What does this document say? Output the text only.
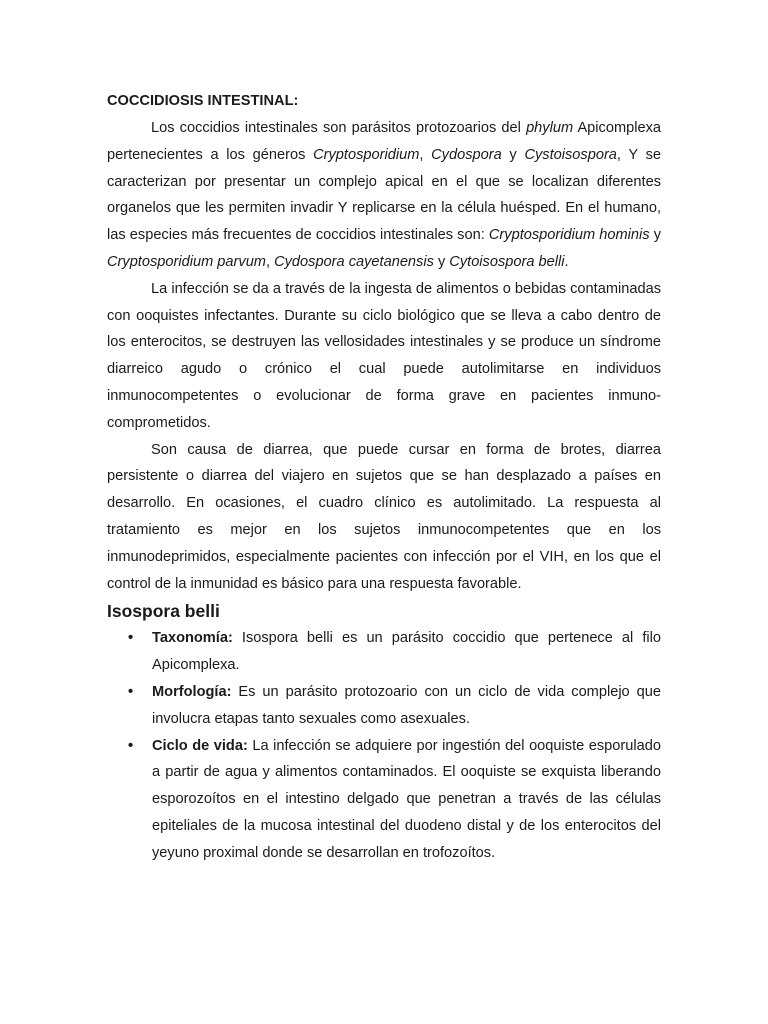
COCCIDIOSIS INTESTINAL:

Los coccidios intestinales son parásitos protozoarios del phylum Apicomplexa pertenecientes a los géneros Cryptosporidium, Cydospora y Cystoisospora, Y se caracterizan por presentar un complejo apical en el que se localizan diferentes organelos que les permiten invadir Y replicarse en la célula huésped. En el humano, las especies más frecuentes de coccidios intestinales son: Cryptosporidium hominis y Cryptosporidium parvum, Cydospora cayetanensis y Cytoisospora belli.

La infección se da a través de la ingesta de alimentos o bebidas contaminadas con ooquistes infectantes. Durante su ciclo biológico que se lleva a cabo dentro de los enterocitos, se destruyen las vellosidades intestinales y se produce un síndrome diarreico agudo o crónico el cual puede autolimitarse en individuos inmunocompetentes o evolucionar de forma grave en pacientes inmuno-comprometidos.

Son causa de diarrea, que puede cursar en forma de brotes, diarrea persistente o diarrea del viajero en sujetos que se han desplazado a países en desarrollo. En ocasiones, el cuadro clínico es autolimitado. La respuesta al tratamiento es mejor en los sujetos inmunocompetentes que en los inmunodeprimidos, especialmente pacientes con infección por el VIH, en los que el control de la inmunidad es básico para una respuesta favorable.

Isospora belli
• Taxonomía: Isospora belli es un parásito coccidio que pertenece al filo Apicomplexa.
• Morfología: Es un parásito protozoario con un ciclo de vida complejo que involucra etapas tanto sexuales como asexuales.
• Ciclo de vida: La infección se adquiere por ingestión del ooquiste esporulado a partir de agua y alimentos contaminados. El ooquiste se exquista liberando esporozoítos en el intestino delgado que penetran a través de las células epiteliales de la mucosa intestinal del duodeno distal y de los enterocitos del yeyuno proximal donde se desarrollan en trofozoítos.
